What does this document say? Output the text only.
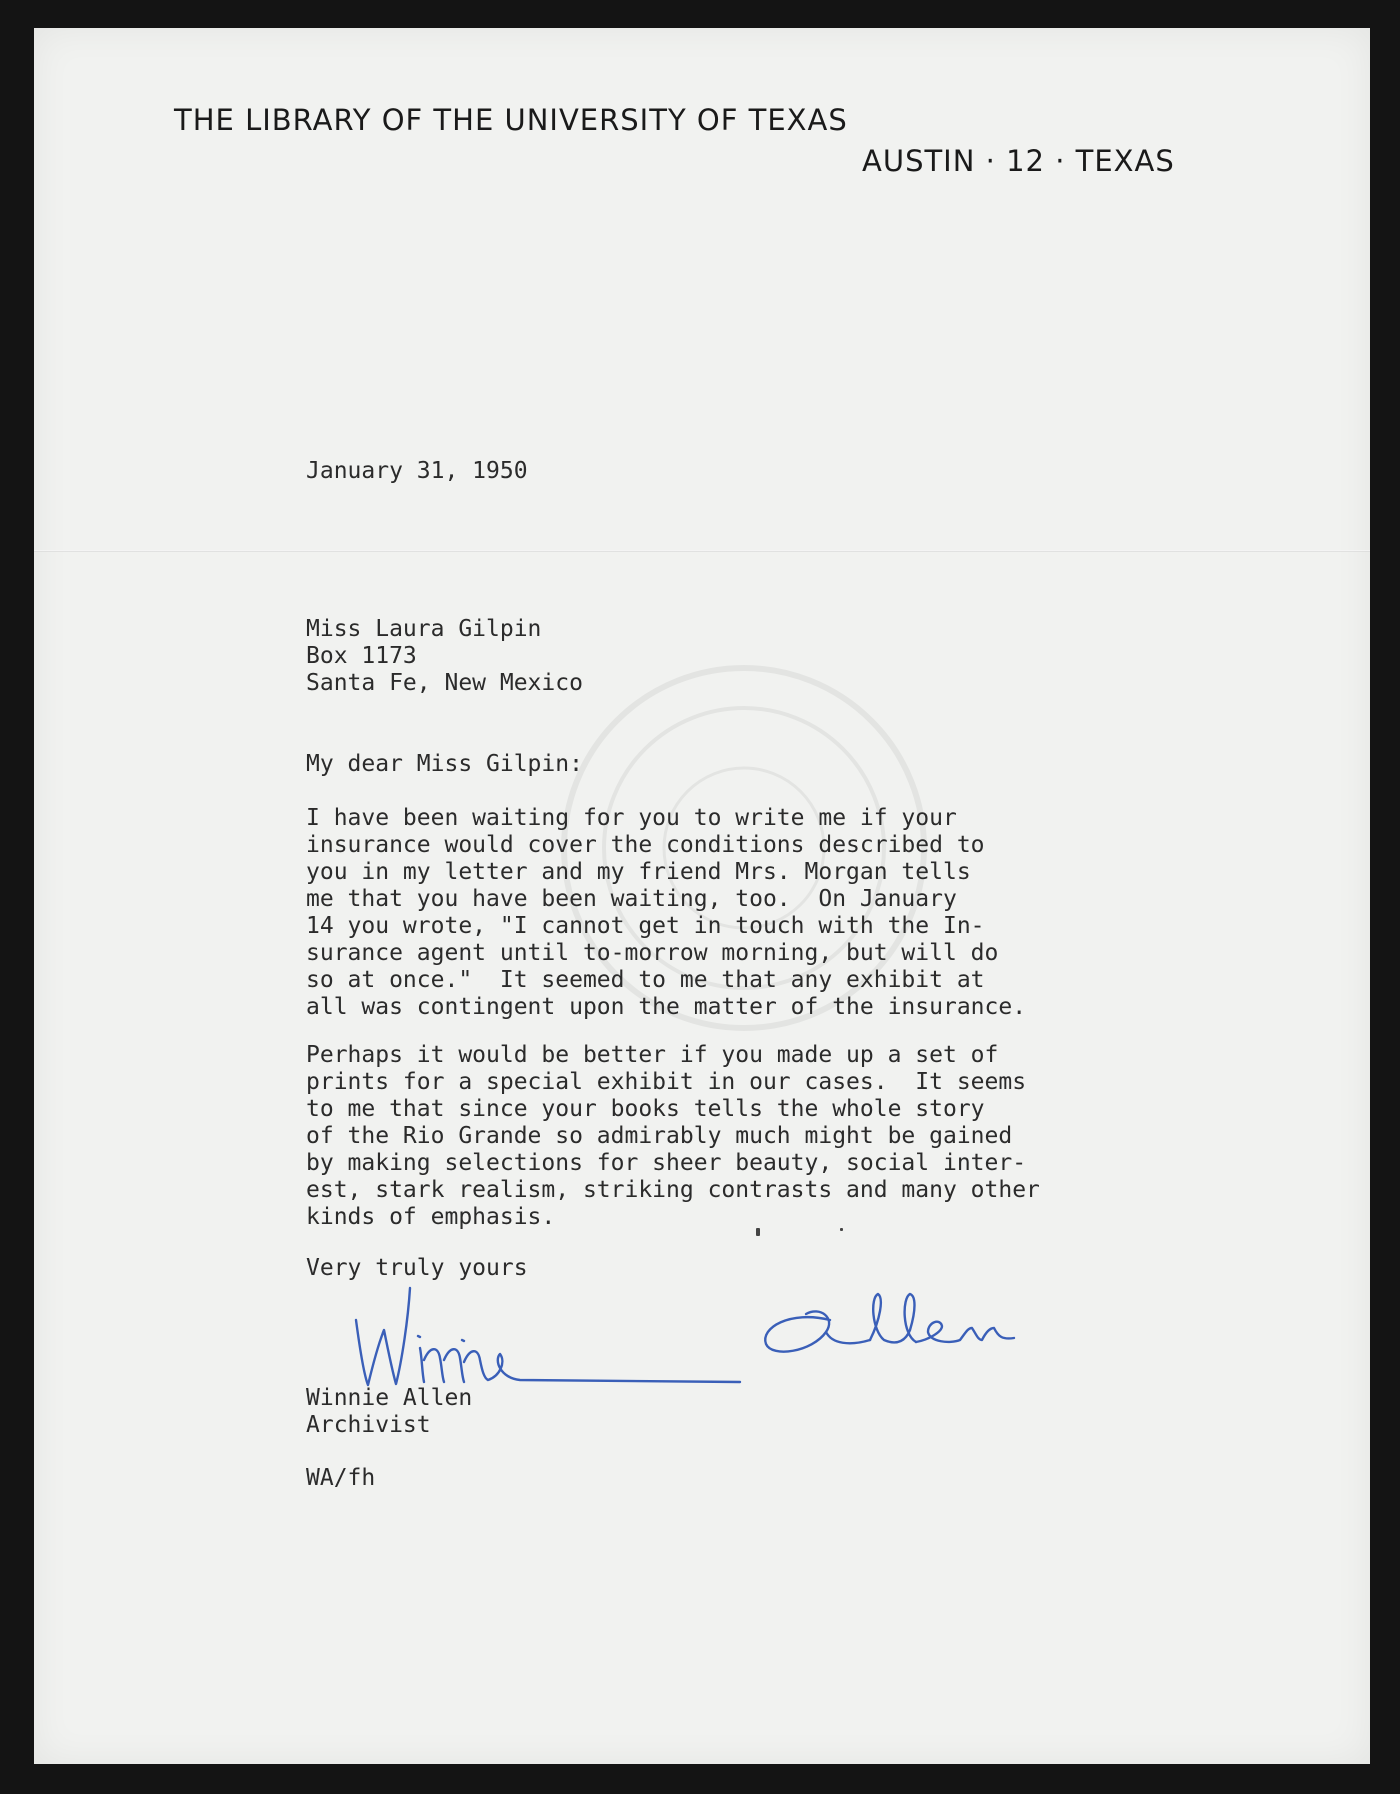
THE LIBRARY OF THE UNIVERSITY OF TEXAS
AUSTIN · 12 · TEXAS
January 31, 1950
Miss Laura Gilpin
Box 1173
Santa Fe, New Mexico
My dear Miss Gilpin:
I have been waiting for you to write me if your
insurance would cover the conditions described to
you in my letter and my friend Mrs. Morgan tells
me that you have been waiting, too.  On January
14 you wrote, "I cannot get in touch with the In-
surance agent until to-morrow morning, but will do
so at once."  It seemed to me that any exhibit at
all was contingent upon the matter of the insurance.
Perhaps it would be better if you made up a set of
prints for a special exhibit in our cases.  It seems
to me that since your books tells the whole story
of the Rio Grande so admirably much might be gained
by making selections for sheer beauty, social inter-
est, stark realism, striking contrasts and many other
kinds of emphasis.
Very truly yours
Winnie Allen
Archivist
WA/fh
